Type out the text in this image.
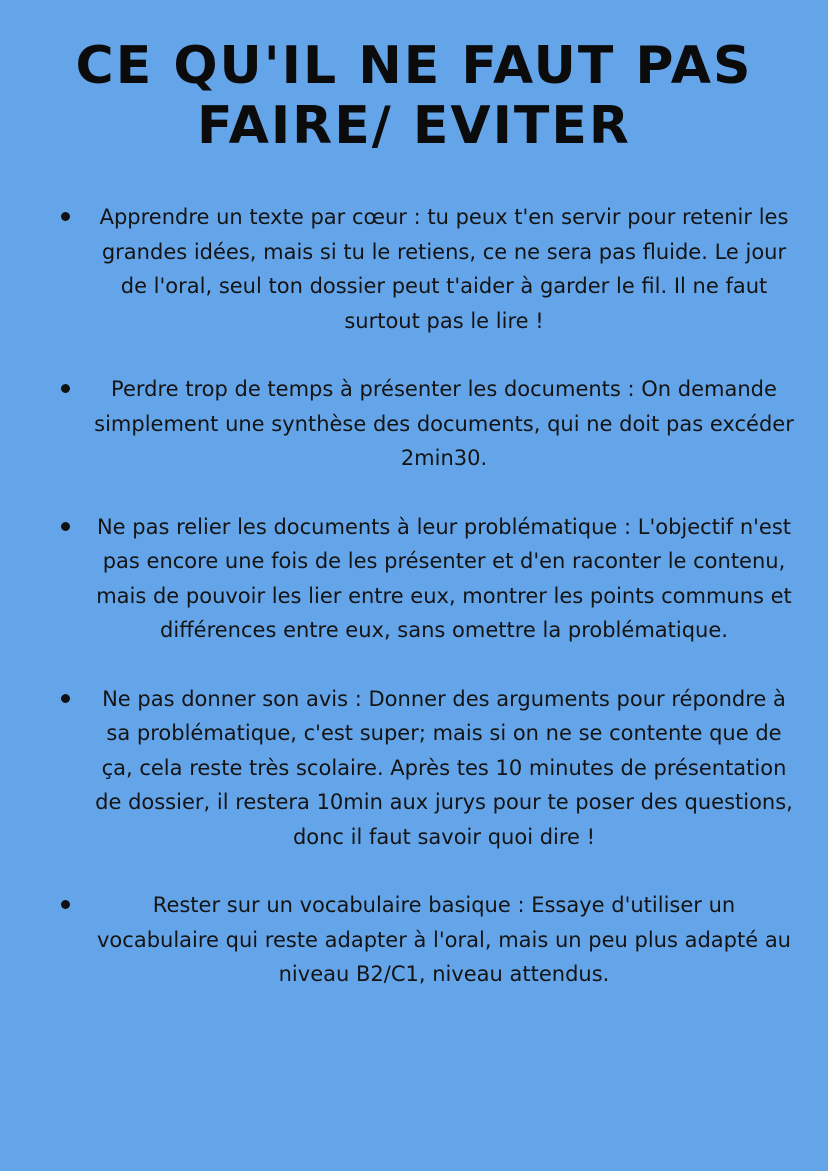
CE QU'IL NE FAUT PAS FAIRE/ EVITER
Apprendre un texte par cœur : tu peux t'en servir pour retenir les grandes idées, mais si tu le retiens, ce ne sera pas fluide. Le jour de l'oral, seul ton dossier peut t'aider à garder le fil. Il ne faut surtout pas le lire !
Perdre trop de temps à présenter les documents : On demande simplement une synthèse des documents, qui ne doit pas excéder 2min30.
Ne pas relier les documents à leur problématique : L'objectif n'est pas encore une fois de les présenter et d'en raconter le contenu, mais de pouvoir les lier entre eux, montrer les points communs et différences entre eux, sans omettre la problématique.
Ne pas donner son avis : Donner des arguments pour répondre à sa problématique, c'est super; mais si on ne se contente que de ça, cela reste très scolaire. Après tes 10 minutes de présentation de dossier, il restera 10min aux jurys pour te poser des questions, donc il faut savoir quoi dire !
Rester sur un vocabulaire basique : Essaye d'utiliser un vocabulaire qui reste adapter à l'oral, mais un peu plus adapté au niveau B2/C1, niveau attendus.
